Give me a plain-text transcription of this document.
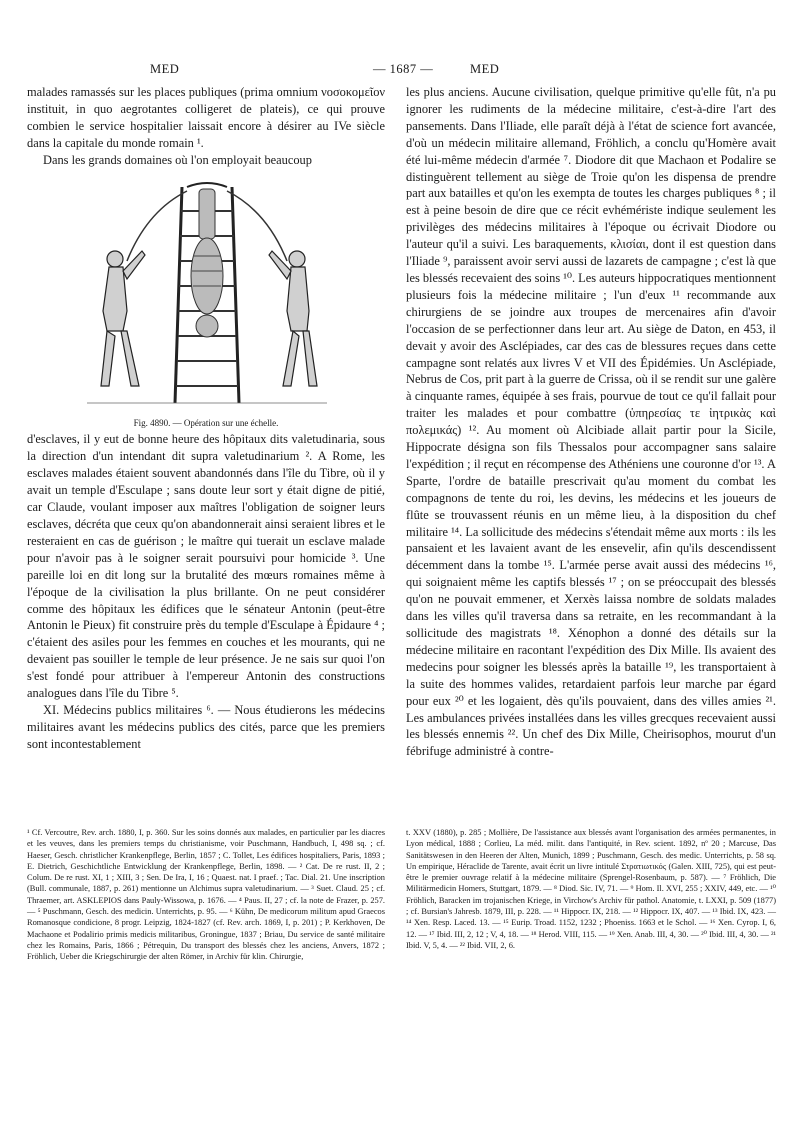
MED	— 1687 —	MED

malades ramassés sur les places publiques (prima omnium νοσοκομεῖον instituit, in quo aegrotantes colligeret de plateis), ce qui prouve combien le service hospitalier laissait encore à désirer au IVe siècle dans la capitale du monde romain ¹.

Dans les grands domaines où l'on employait beaucoup

Fig. 4890. — Opération sur une échelle.

d'esclaves, il y eut de bonne heure des hôpitaux dits valetudinaria, sous la direction d'un intendant dit supra valetudinarium ². A Rome, les esclaves malades étaient souvent abandonnés dans l'île du Tibre, où il y avait un temple d'Esculape ; sans doute leur sort y était digne de pitié, car Claude, voulant imposer aux maîtres l'obligation de soigner leurs esclaves, décréta que ceux qu'on abandonnerait ainsi seraient libres et le resteraient en cas de guérison ; le maître qui tuerait un esclave malade pour n'avoir pas à le soigner serait poursuivi pour homicide ³. Une pareille loi en dit long sur la brutalité des mœurs romaines même à l'époque de la civilisation la plus brillante. On ne peut considérer comme des hôpitaux les édifices que le sénateur Antonin (peut-être Antonin le Pieux) fit construire près du temple d'Esculape à Épidaure ⁴ ; c'étaient des asiles pour les femmes en couches et les mourants, qui ne devaient pas souiller le temple de leur présence. Je ne sais sur quoi l'on s'est fondé pour attribuer à l'empereur Antonin des constructions analogues dans l'île du Tibre ⁵.

XI. Médecins publics militaires ⁶. — Nous étudierons les médecins militaires avant les médecins publics des cités, parce que les premiers sont incontestablement

les plus anciens. Aucune civilisation, quelque primitive qu'elle fût, n'a pu ignorer les rudiments de la médecine militaire, c'est-à-dire l'art des pansements. Dans l'Iliade, elle paraît déjà à l'état de science fort avancée, d'où un médecin militaire allemand, Fröhlich, a conclu qu'Homère avait été lui-même médecin d'armée ⁷. Diodore dit que Machaon et Podalire se distinguèrent tellement au siège de Troie qu'on les dispensa de prendre part aux batailles et qu'on les exempta de toutes les charges publiques ⁸ ; il est à peine besoin de dire que ce récit evhémériste indique seulement les privilèges des médecins militaires à l'époque ou écrivait Diodore ou l'auteur qu'il a suivi. Les baraquements, κλισίαι, dont il est question dans l'Iliade ⁹, paraissent avoir servi aussi de lazarets de campagne ; c'est là que les blessés recevaient des soins ¹⁰. Les auteurs hippocratiques mentionnent plusieurs fois la médecine militaire ; l'un d'eux ¹¹ recommande aux chirurgiens de se joindre aux troupes de mercenaires afin d'avoir l'occasion de se perfectionner dans leur art. Au siège de Daton, en 453, il devait y avoir des Asclépiades, car des cas de blessures reçues dans cette campagne sont relatés aux livres V et VII des Épidémies. Un Asclépiade, Nebrus de Cos, prit part à la guerre de Crissa, où il se rendit sur une galère à cinquante rames, équipée à ses frais, pourvue de tout ce qu'il fallait pour traiter les malades et pour combattre (ὑπηρεσίας τε ἰητρικὰς καὶ πολεμικάς) ¹². Au moment où Alcibiade allait partir pour la Sicile, Hippocrate désigna son fils Thessalos pour accompagner sans salaire l'expédition ; il reçut en récompense des Athéniens une couronne d'or ¹³. A Sparte, l'ordre de bataille prescrivait qu'au moment du combat les compagnons de tente du roi, les devins, les médecins et les joueurs de flûte se trouvassent réunis en un même lieu, à la disposition du chef militaire ¹⁴. La sollicitude des médecins s'étendait même aux morts : ils les pansaient et les lavaient avant de les ensevelir, afin qu'ils descendissent décemment dans la tombe ¹⁵. L'armée perse avait aussi des médecins ¹⁶, qui soignaient même les captifs blessés ¹⁷ ; on se préoccupait des blessés qu'on ne pouvait emmener, et Xerxès laissa nombre de soldats malades dans les villes qu'il traversa dans sa retraite, en les recommandant à la sollicitude des magistrats ¹⁸. Xénophon a donné des détails sur la médecine militaire en racontant l'expédition des Dix Mille. Ils avaient des medecins pour soigner les blessés après la bataille ¹⁹, les transportaient à la suite des hommes valides, retardaient parfois leur marche par égard pour eux ²⁰ et les logaient, dès qu'ils pouvaient, dans des villes amies ²¹. Les ambulances privées installées dans les villes grecques recevaient aussi les blessés ennemis ²². Un chef des Dix Mille, Cheirisophos, mourut d'un fébrifuge administré à contre-

¹ Cf. Vercoutre, Rev. arch. 1880, I, p. 360. Sur les soins donnés aux malades, en particulier par les diacres et les veuves, dans les premiers temps du christianisme, voir Puschmann, Handbuch, I, 498 sq. ; cf. Haeser, Gesch. christlicher Krankenpflege, Berlin, 1857 ; C. Tollet, Les édifices hospitaliers, Paris, 1893 ; E. Dietrich, Geschichtliche Entwicklung der Krankenpflege, Berlin, 1898. — ² Cat. De re rust. II, 2 ; Colum. De re rust. XI, 1 ; XIII, 3 ; Sen. De Ira, I, 16 ; Quaest. nat. I praef. ; Tac. Dial. 21. Une inscription (Bull. communale, 1887, p. 261) mentionne un Alchimus supra valetudinarium. — ³ Suet. Claud. 25 ; cf. Thraemer, art. ASKLEPIOS dans Pauly-Wissowa, p. 1676. — ⁴ Paus. II, 27 ; cf. la note de Frazer, p. 257. — ⁵ Puschmann, Gesch. des medicin. Unterrichts, p. 95. — ⁶ Kühn, De medicorum militum apud Graecos Romanosque condicione, 8 progr. Leipzig, 1824-1827 (cf. Rev. arch. 1869, I, p. 201) ; P. Kerkhoven, De Machaone et Podalirio primis medicis militaribus, Groningue, 1837 ; Briau, Du service de santé militaire chez les Romains, Paris, 1866 ; Pétrequin, Du transport des blessés chez les anciens, Anvers, 1872 ; Fröhlich, Ueber die Kriegschirurgie der alten Römer, in Archiv für klin. Chirurgie,

t. XXV (1880), p. 285 ; Mollière, De l'assistance aux blessés avant l'organisation des armées permanentes, in Lyon médical, 1888 ; Corlieu, La méd. milit. dans l'antiquité, in Rev. scient. 1892, nº 20 ; Marcuse, Das Sanitätswesen in den Heeren der Alten, Munich, 1899 ; Puschmann, Gesch. des medic. Unterrichts, p. 58 sq. Un empirique, Héraclide de Tarente, avait écrit un livre intitulé Στρατιωτικός (Galen. XIII, 725), qui est peut-être le premier ouvrage relatif à la médecine militaire (Sprengel-Rosenbaum, p. 587). — ⁷ Fröhlich, Die Militärmedicin Homers, Stuttgart, 1879. — ⁸ Diod. Sic. IV, 71. — ⁹ Hom. Il. XVI, 255 ; XXIV, 449, etc. — ¹⁰ Fröhlich, Baracken im trojanischen Kriege, in Virchow's Archiv für pathol. Anatomie, t. LXXI, p. 509 (1877) ; cf. Bursian's Jahresb. 1879, III, p. 228. — ¹¹ Hippocr. IX, 218. — ¹² Hippocr. IX, 407. — ¹³ Ibid. IX, 423. — ¹⁴ Xen. Resp. Laced. 13. — ¹⁵ Eurip. Troad. 1152, 1232 ; Phoeniss. 1663 et le Schol. — ¹⁶ Xen. Cyrop. I, 6, 12. — ¹⁷ Ibid. III, 2, 12 ; V, 4, 18. — ¹⁸ Herod. VIII, 115. — ¹⁹ Xen. Anab. III, 4, 30. — ²⁰ Ibid. III, 4, 30. — ²¹ Ibid. V, 5, 4. — ²² Ibid. VII, 2, 6.
